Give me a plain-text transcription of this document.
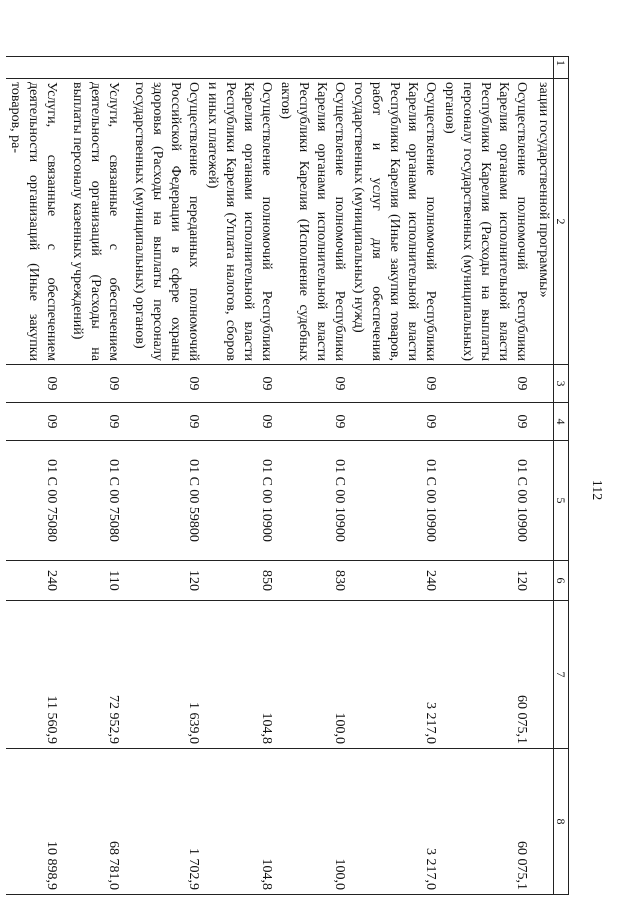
112
1	2	3	4	5	6	7	8
	зации государственной программы»						
	Осуществление полномочий Республики Карелия органами исполнительной власти Республики Карелия (Расходы на выплаты персоналу государственных (муниципальных) органов)	09	09	01 С 00 10900	120	60 075,1	60 075,1
	Осуществление полномочий Республики Карелия органами исполнительной власти Республики Карелия (Иные закупки товаров, работ и услуг для обеспечения государственных (муниципальных) нужд)	09	09	01 С 00 10900	240	3 217,0	3 217,0
	Осуществление полномочий Республики Карелия органами исполнительной власти Республики Карелия (Исполнение судебных актов)	09	09	01 С 00 10900	830	100,0	100,0
	Осуществление полномочий Республики Карелия органами исполнительной власти Республики Карелия (Уплата налогов, сборов и иных платежей)	09	09	01 С 00 10900	850	104,8	104,8
	Осуществление переданных полномочий Российской Федерации в сфере охраны здоровья (Расходы на выплаты персоналу государственных (муниципальных) органов)	09	09	01 С 00 59800	120	1 639,0	1 702,9
	Услуги, связанные с обеспечением деятельности организаций (Расходы на выплаты персоналу казенных учреждений)	09	09	01 С 00 75080	110	72 952,9	68 781,0
	Услуги, связанные с обеспечением деятельности организаций (Иные закупки товаров, ра-	09	09	01 С 00 75080	240	11 560,9	10 898,9
